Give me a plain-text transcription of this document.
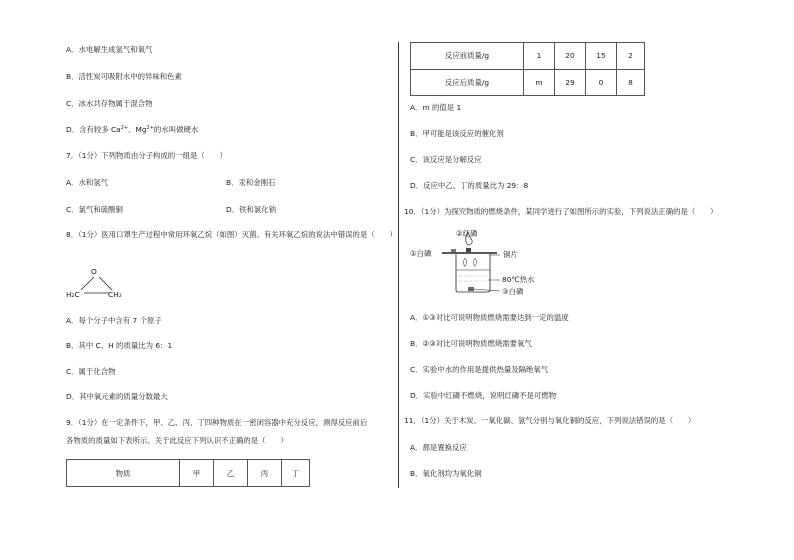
A．水电解生成氢气和氧气
B．活性炭可吸附水中的异味和色素
C．冰水共存物属于混合物
D．含有较多 $Ca^{2+}$、$Mg^{2+}$的水叫做硬水
7．（1分）下列物质由分子构成的一组是（　　）
A．水和氢气	B．汞和金刚石
C．氯气和硫酸铜	D．铁和氯化钠
8．（1分）医用口罩生产过程中常用环氧乙烷（如图）灭菌。有关环氧乙烷的说法中错误的是（　　）
O
H₂C	CH₂
A．每个分子中含有 7 个原子
B．其中 C、H 的质量比为 6：1
C．属于化合物
D．其中氧元素的质量分数最大
9．（1分）在一定条件下，甲、乙、丙、丁四种物质在一密闭容器中充分反应，测得反应前后
各物质的质量如下表所示。关于此反应下列认识不正确的是（　　）
物质	甲	乙	丙	丁
反应前质量/g	1	20	15	2
反应后质量/g	m	29	0	8
A．m 的值是 1
B．甲可能是该反应的催化剂
C．该反应是分解反应
D．反应中乙、丁的质量比为 29：8
10．（1分）为探究物质的燃烧条件，某同学进行了如图所示的实验，下列说法正确的是（　　）
②红磷
①白磷	铜片
80℃热水
③白磷
A．①③对比可说明物质燃烧需要达到一定的温度
B．②③对比可说明物质燃烧需要氧气
C．实验中水的作用是提供热量及隔绝氧气
D．实验中红磷不燃烧，说明红磷不是可燃物
11．（1分）关于木炭、一氧化碳、氢气分别与氧化铜的反应，下列说法错误的是（　　）
A．都是置换反应
B．氧化剂均为氧化铜
